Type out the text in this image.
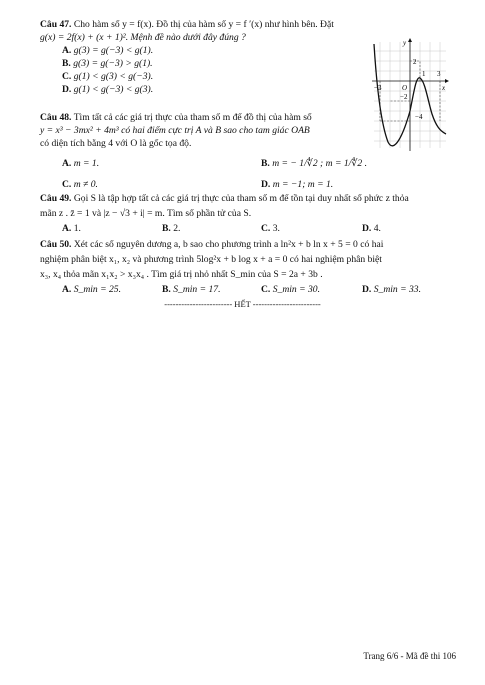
Câu 47. Cho hàm số y = f(x). Đồ thị của hàm số y = f ′(x) như hình bên. Đặt
g(x) = 2f(x) + (x + 1)². Mệnh đề nào dưới đây đúng ?
A. g(3) = g(−3) < g(1).
B. g(3) = g(−3) > g(1).
C. g(1) < g(3) < g(−3).
D. g(1) < g(−3) < g(3).
y
x
O
2
1 3
−3
−2
−4
Câu 48. Tìm tất cả các giá trị thực của tham số m để đồ thị của hàm số
y = x³ − 3mx² + 4m³ có hai điểm cực trị A và B sao cho tam giác OAB
có diện tích bằng 4 với O là gốc tọa độ.
A. m = 1.	B. m = − 1/∜2 ; m = 1/∜2 .
C. m ≠ 0.	D. m = −1; m = 1.
Câu 49. Gọi S là tập hợp tất cả các giá trị thực của tham số m để tồn tại duy nhất số phức z thỏa
mãn z . z̄ = 1 và |z − √3 + i| = m. Tìm số phần tử của S.
A. 1.	B. 2.	C. 3.	D. 4.
Câu 50. Xét các số nguyên dương a, b sao cho phương trình a ln²x + b ln x + 5 = 0 có hai
nghiệm phân biệt x₁, x₂ và phương trình 5log²x + b log x + a = 0 có hai nghiệm phân biệt
x₃, x₄ thỏa mãn x₁x₂ > x₃x₄ . Tìm giá trị nhỏ nhất S_min của S = 2a + 3b .
A. S_min = 25.	B. S_min = 17.	C. S_min = 30.	D. S_min = 33.
------------------------ HẾT ------------------------
Trang 6/6 - Mã đề thi 106
